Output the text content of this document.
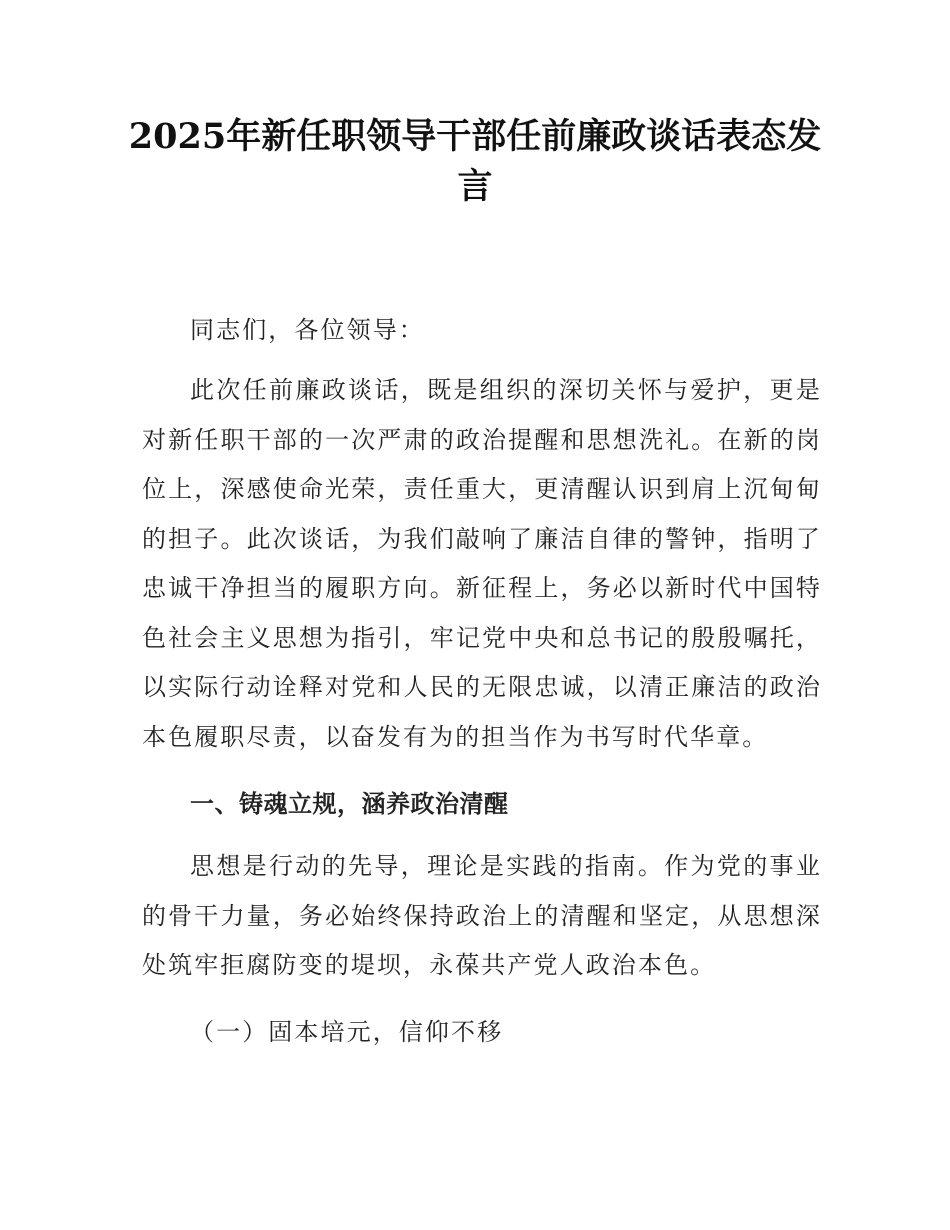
2025年新任职领导干部任前廉政谈话表态发言
同志们，各位领导：
此次任前廉政谈话，既是组织的深切关怀与爱护，更是对新任职干部的一次严肃的政治提醒和思想洗礼。在新的岗位上，深感使命光荣，责任重大，更清醒认识到肩上沉甸甸的担子。此次谈话，为我们敲响了廉洁自律的警钟，指明了忠诚干净担当的履职方向。新征程上，务必以新时代中国特色社会主义思想为指引，牢记党中央和总书记的殷殷嘱托，以实际行动诠释对党和人民的无限忠诚，以清正廉洁的政治本色履职尽责，以奋发有为的担当作为书写时代华章。
一、铸魂立规，涵养政治清醒
思想是行动的先导，理论是实践的指南。作为党的事业的骨干力量，务必始终保持政治上的清醒和坚定，从思想深处筑牢拒腐防变的堤坝，永葆共产党人政治本色。
（一）固本培元，信仰不移
